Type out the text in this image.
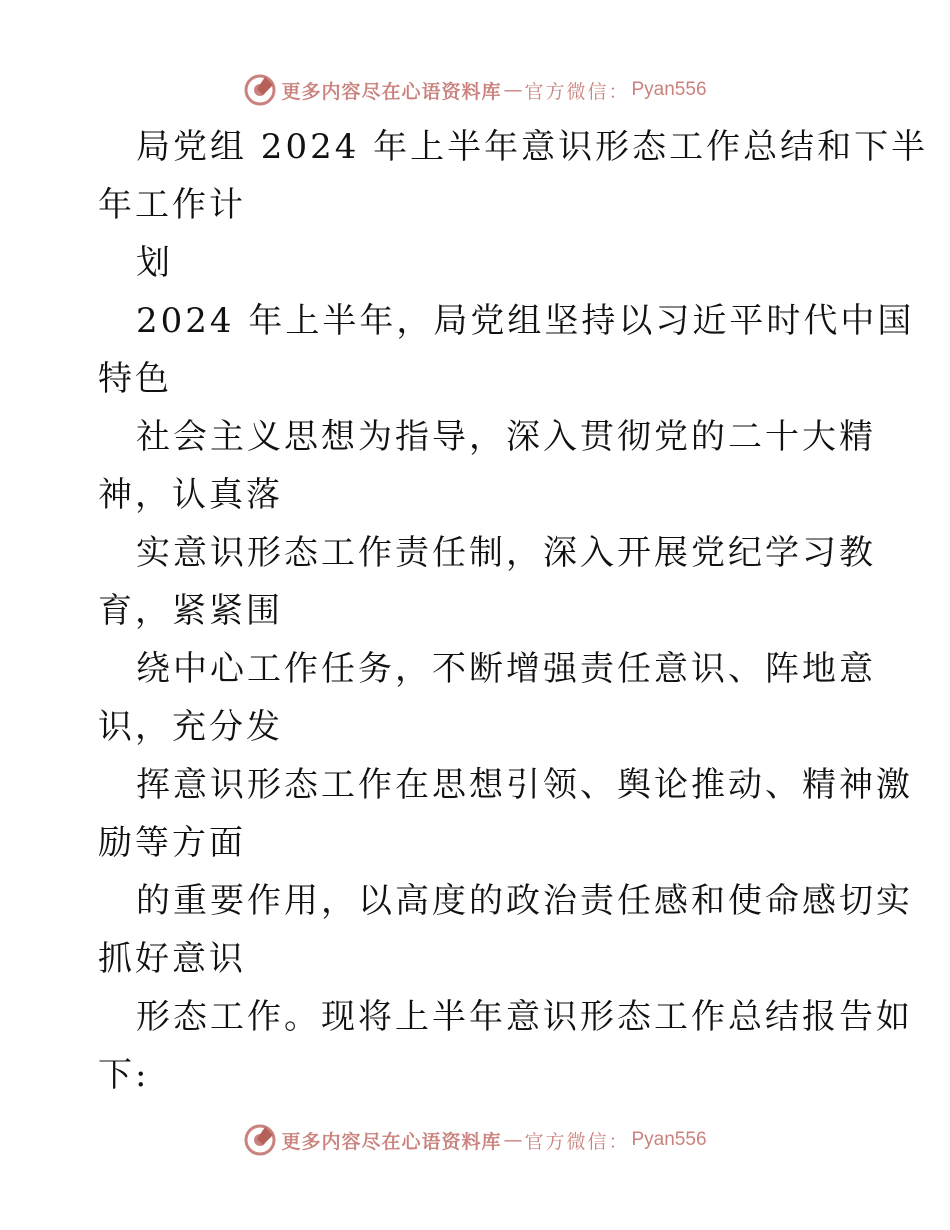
更多内容尽在心语资料库 — 官方微信： Pyan556
局党组 2024 年上半年意识形态工作总结和下半
年工作计
划
2024 年上半年，局党组坚持以习近平时代中国
特色
社会主义思想为指导，深入贯彻党的二十大精
神，认真落
实意识形态工作责任制，深入开展党纪学习教
育，紧紧围
绕中心工作任务，不断增强责任意识、阵地意
识，充分发
挥意识形态工作在思想引领、舆论推动、精神激
励等方面
的重要作用，以高度的政治责任感和使命感切实
抓好意识
形态工作。现将上半年意识形态工作总结报告如
下:
更多内容尽在心语资料库 — 官方微信： Pyan556
